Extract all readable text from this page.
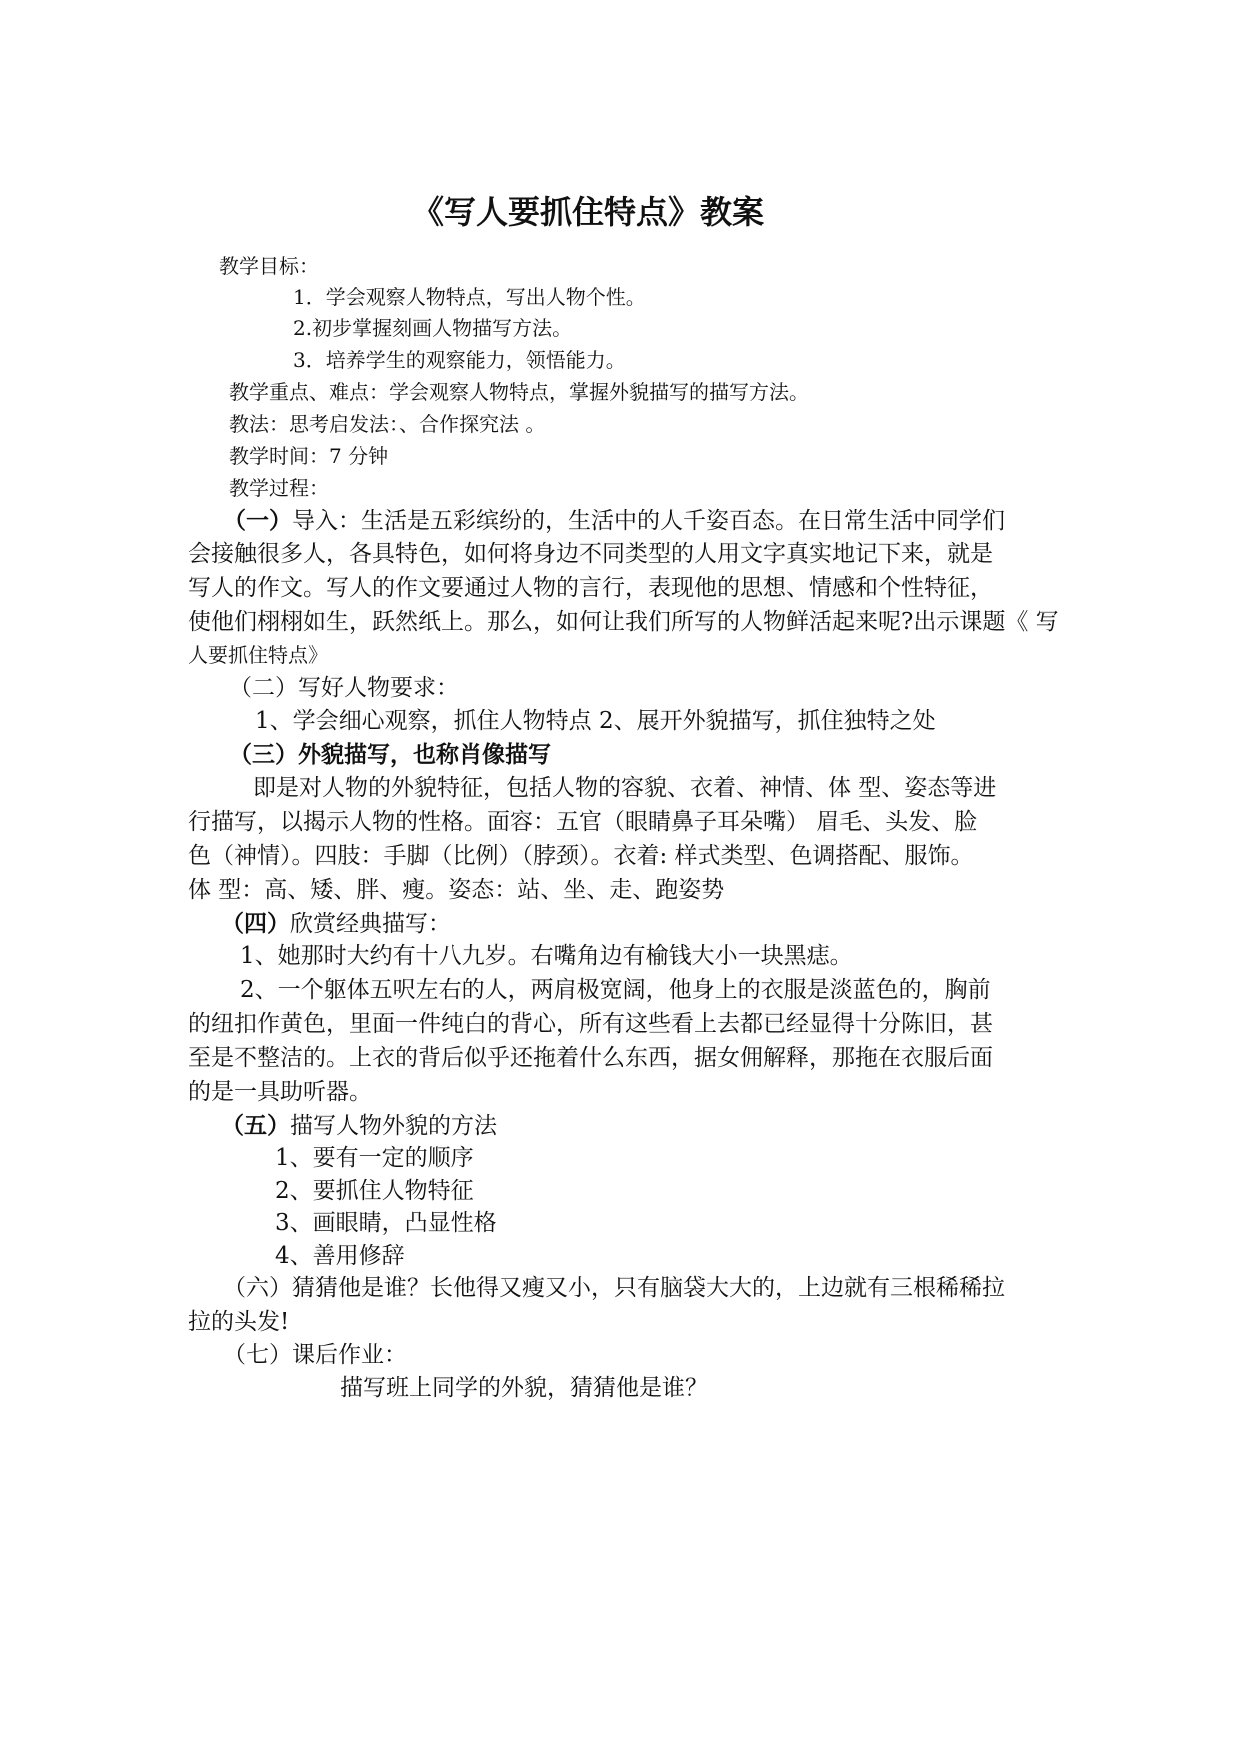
《写人要抓住特点》教案
教学目标：
1．学会观察人物特点，写出人物个性。
2.初步掌握刻画人物描写方法。
3．培养学生的观察能力，领悟能力。
教学重点、难点：学会观察人物特点，掌握外貌描写的描写方法。
教法：思考启发法：、合作探究法 。
教学时间：7 分钟
教学过程：
（一）导入：生活是五彩缤纷的，生活中的人千姿百态。在日常生活中同学们
会接触很多人，各具特色，如何将身边不同类型的人用文字真实地记下来，就是
写人的作文。写人的作文要通过人物的言行，表现他的思想、情感和个性特征，
使他们栩栩如生，跃然纸上。那么，如何让我们所写的人物鲜活起来呢?出示课题《 写
人要抓住特点》
（二）写好人物要求：
1、学会细心观察，抓住人物特点 2、展开外貌描写，抓住独特之处
（三）外貌描写，也称肖像描写
即是对人物的外貌特征，包括人物的容貌、衣着、神情、体 型、姿态等进
行描写，以揭示人物的性格。面容：五官（眼睛鼻子耳朵嘴） 眉毛、头发、脸
色（神情）。四肢：手脚（比例）（脖颈）。衣着: 样式类型、色调搭配、服饰。
体 型：高、矮、胖、瘦。姿态：站、坐、走、跑姿势
（四）欣赏经典描写：
1、她那时大约有十八九岁。右嘴角边有榆钱大小一块黑痣。
2、一个躯体五呎左右的人，两肩极宽阔，他身上的衣服是淡蓝色的，胸前
的纽扣作黄色，里面一件纯白的背心，所有这些看上去都已经显得十分陈旧，甚
至是不整洁的。上衣的背后似乎还拖着什么东西，据女佣解释，那拖在衣服后面
的是一具助听器。
（五）描写人物外貌的方法
1、要有一定的顺序
2、要抓住人物特征
3、画眼睛，凸显性格
4、善用修辞
（六）猜猜他是谁？长他得又瘦又小，只有脑袋大大的，上边就有三根稀稀拉
拉的头发!
（七）课后作业：
描写班上同学的外貌，猜猜他是谁？
